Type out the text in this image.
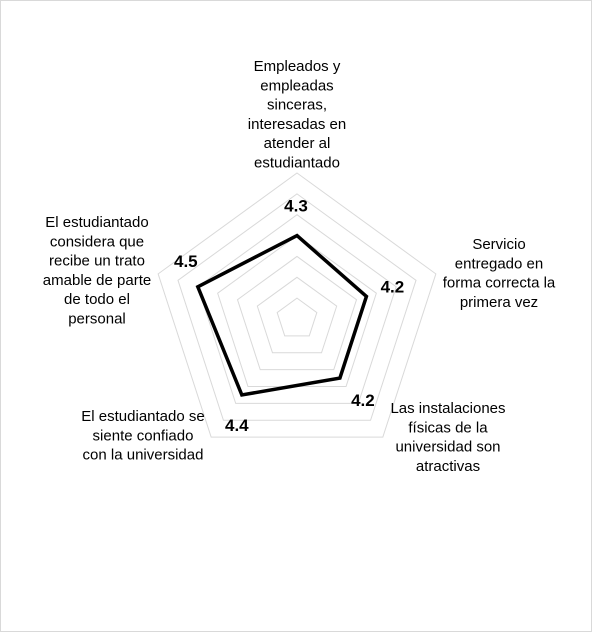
4.3
4.2
4.2
4.4
4.5
Empleados y empleadas sinceras, interesadas en atender al estudiantado
Servicio entregado en forma correcta la primera vez
Las instalaciones físicas de la universidad son atractivas
El estudiantado se siente confiado con la universidad
El estudiantado considera que recibe un trato amable de parte de todo el personal
